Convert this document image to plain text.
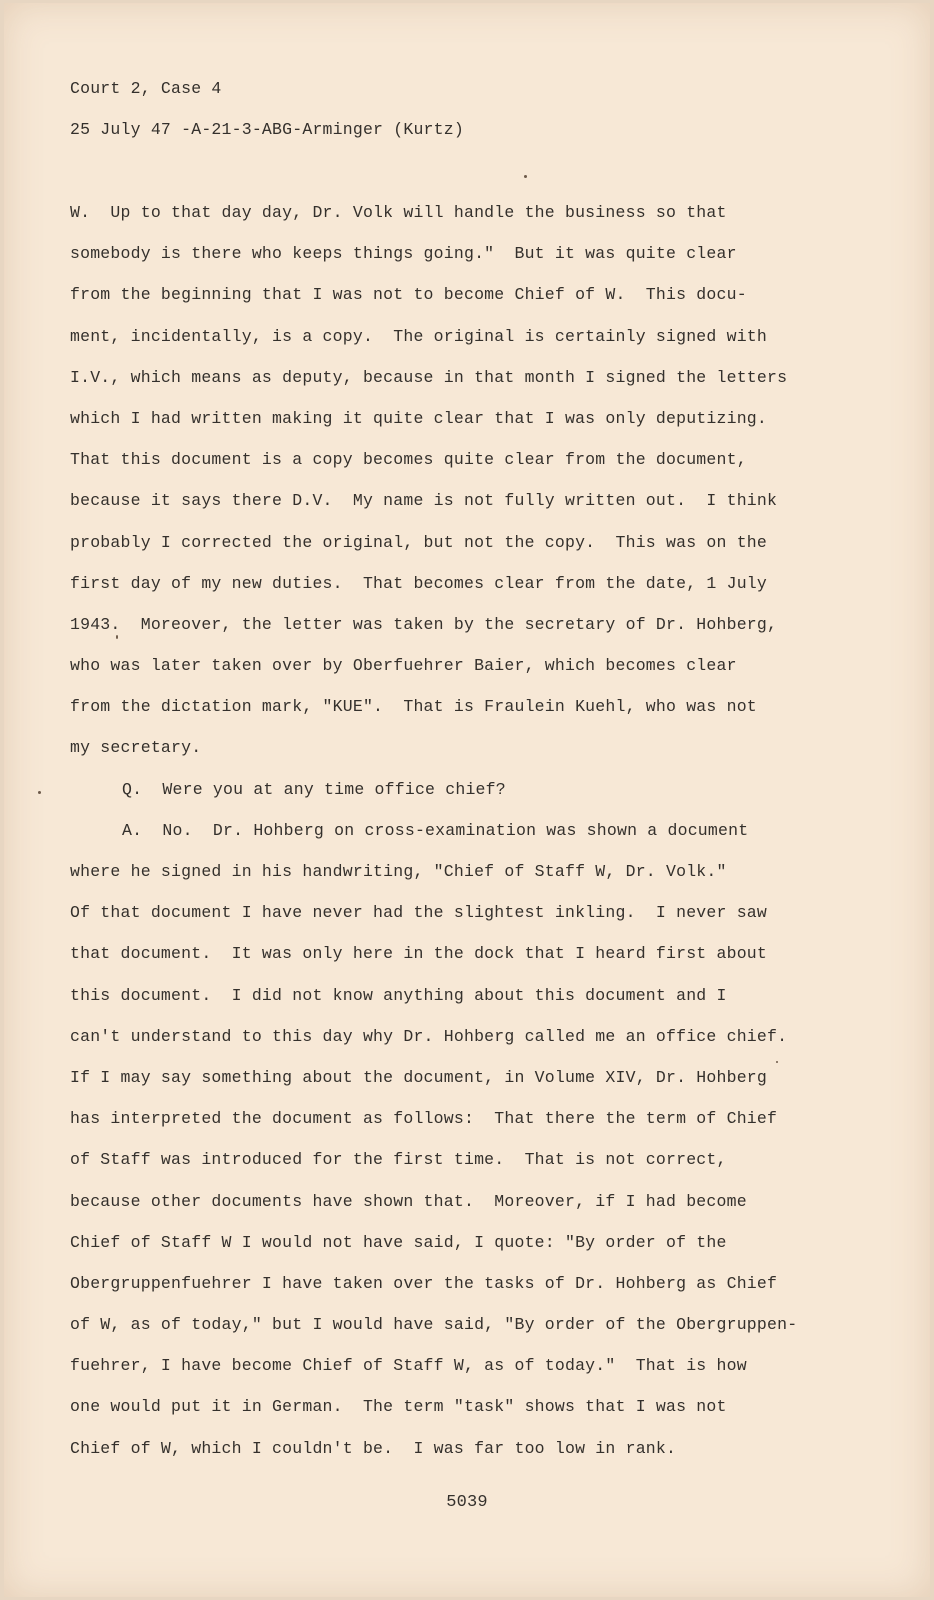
Court 2, Case 4

25 July 47 -A-21-3-ABG-Arminger (Kurtz)

W.  Up to that day day, Dr. Volk will handle the business so that

somebody is there who keeps things going."  But it was quite clear

from the beginning that I was not to become Chief of W.  This docu-

ment, incidentally, is a copy.  The original is certainly signed with

I.V., which means as deputy, because in that month I signed the letters

which I had written making it quite clear that I was only deputizing.

That this document is a copy becomes quite clear from the document,

because it says there D.V.  My name is not fully written out.  I think

probably I corrected the original, but not the copy.  This was on the

first day of my new duties.  That becomes clear from the date, 1 July

1943.  Moreover, the letter was taken by the secretary of Dr. Hohberg,

who was later taken over by Oberfuehrer Baier, which becomes clear

from the dictation mark, "KUE".  That is Fraulein Kuehl, who was not

my secretary.

Q.  Were you at any time office chief?

A.  No.  Dr. Hohberg on cross-examination was shown a document

where he signed in his handwriting, "Chief of Staff W, Dr. Volk."

Of that document I have never had the slightest inkling.  I never saw

that document.  It was only here in the dock that I heard first about

this document.  I did not know anything about this document and I

can't understand to this day why Dr. Hohberg called me an office chief.

If I may say something about the document, in Volume XIV, Dr. Hohberg

has interpreted the document as follows:  That there the term of Chief

of Staff was introduced for the first time.  That is not correct,

because other documents have shown that.  Moreover, if I had become

Chief of Staff W I would not have said, I quote: "By order of the

Obergruppenfuehrer I have taken over the tasks of Dr. Hohberg as Chief

of W, as of today," but I would have said, "By order of the Obergruppen-

fuehrer, I have become Chief of Staff W, as of today."  That is how

one would put it in German.  The term "task" shows that I was not

Chief of W, which I couldn't be.  I was far too low in rank.

5039
